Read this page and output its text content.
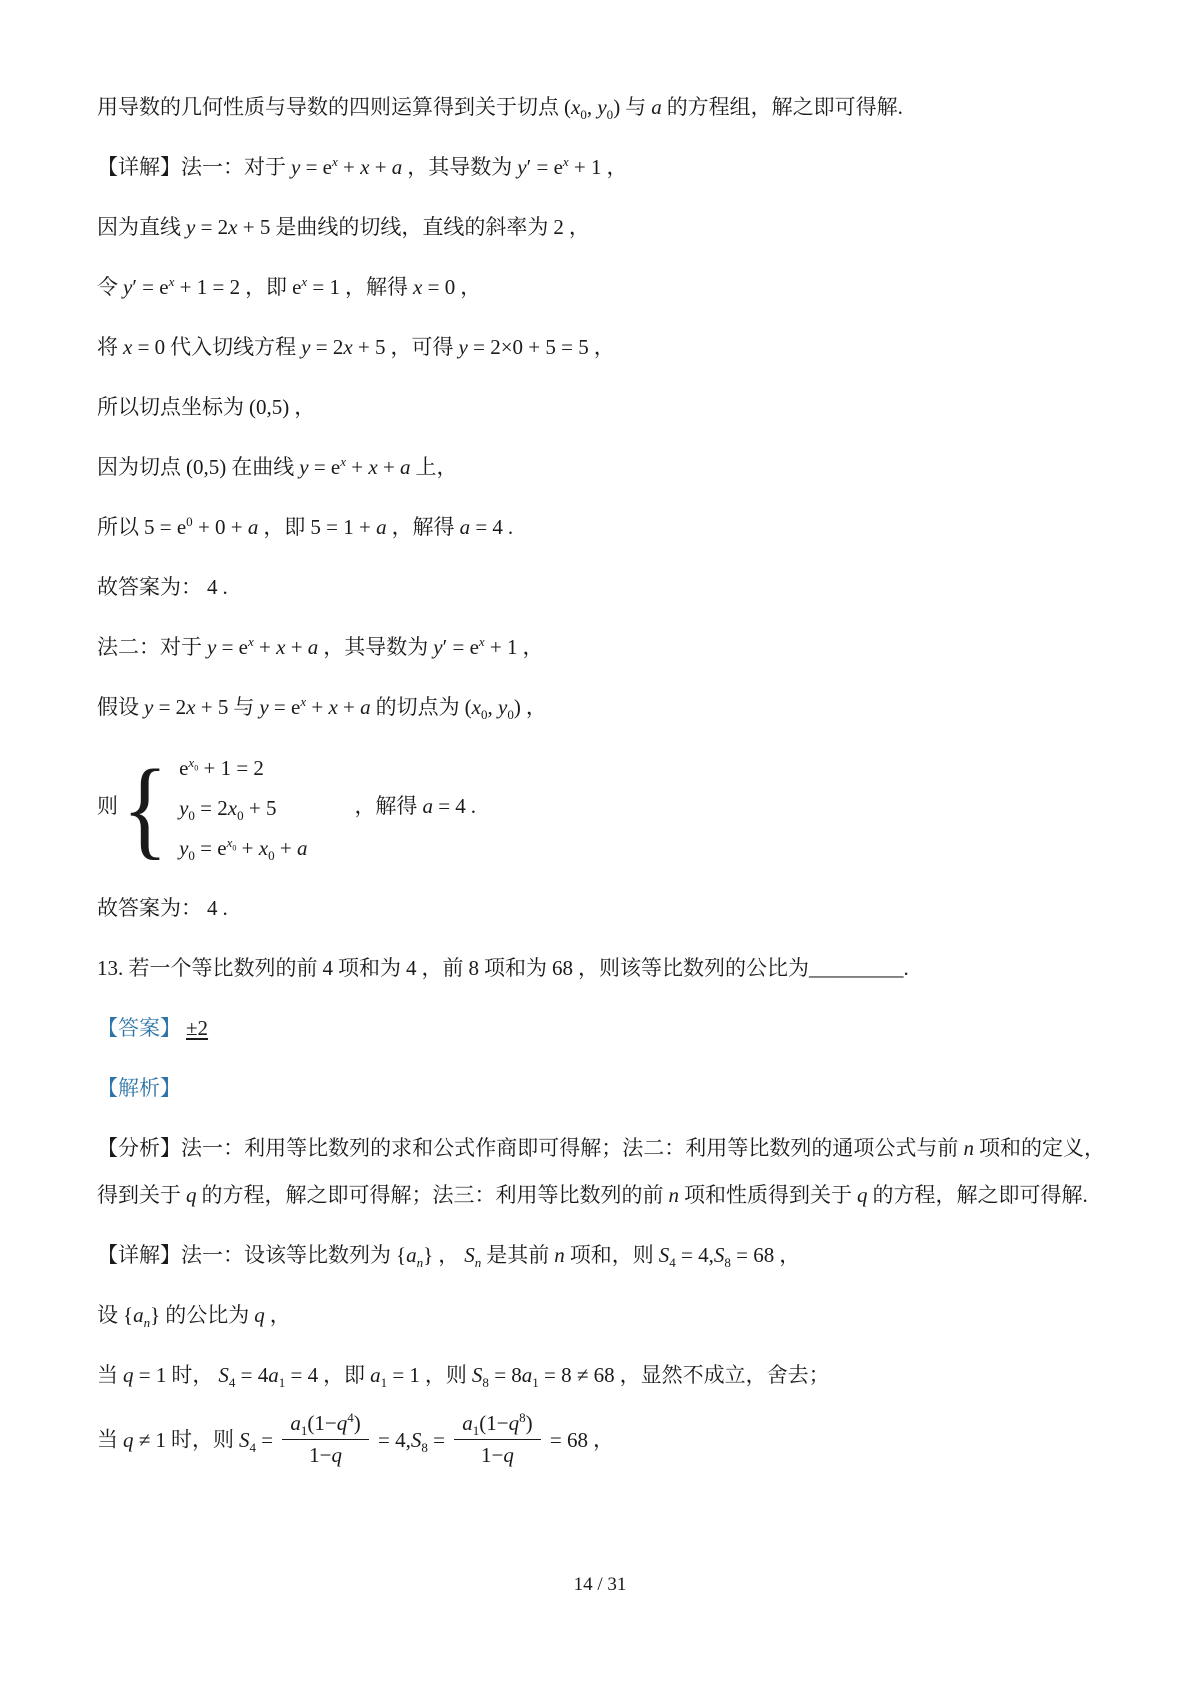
用导数的几何性质与导数的四则运算得到关于切点 ($x_0$, $y_0$) 与 a 的方程组，解之即可得解.

【详解】法一：对于 $y = e^x + x + a$ ，其导数为 $y' = e^x + 1$ ，

因为直线 y = 2x + 5 是曲线的切线，直线的斜率为 2 ，

令 $y' = e^x + 1 = 2$ ，即 $e^x = 1$ ，解得 x = 0 ，

将 x = 0 代入切线方程 y = 2x + 5 ，可得 y = 2×0 + 5 = 5 ，

所以切点坐标为 (0,5) ，

因为切点 (0,5) 在曲线 $y = e^x + x + a$ 上，

所以 $5 = e^0 + 0 + a$ ，即 5 = 1 + a ，解得 a = 4 .

故答案为： 4 .

法二：对于 $y = e^x + x + a$ ，其导数为 $y' = e^x + 1$ ，

假设 y = 2x + 5 与 $y = e^x + x + a$ 的切点为 ($x_0$, $y_0$) ，

则 { $e^{x_0} + 1 = 2$
$y_0 = 2x_0 + 5$
$y_0 = e^{x_0} + x_0 + a$
，解得 a = 4 .

故答案为： 4 .

13. 若一个等比数列的前 4 项和为 4 ，前 8 项和为 68 ，则该等比数列的公比为_________.

【答案】 ±2

【解析】

【分析】法一：利用等比数列的求和公式作商即可得解；法二：利用等比数列的通项公式与前 n 项和的定义，得到关于 q 的方程，解之即可得解；法三：利用等比数列的前 n 项和性质得到关于 q 的方程，解之即可得解.

【详解】法一：设该等比数列为 $\{a_n\}$ ， $S_n$ 是其前 n 项和，则 $S_4 = 4,S_8 = 68$ ，

设 $\{a_n\}$ 的公比为 q ，

当 q = 1 时， $S_4 = 4a_1 = 4$ ，即 $a_1 = 1$ ，则 $S_8 = 8a_1 = 8 \ne 68$ ，显然不成立，舍去；

当 q ≠ 1 时，则 $S_4 = \frac{a_1(1-q^4)}{1-q} = 4,S_8 = \frac{a_1(1-q^8)}{1-q} = 68$ ，

14 / 31
